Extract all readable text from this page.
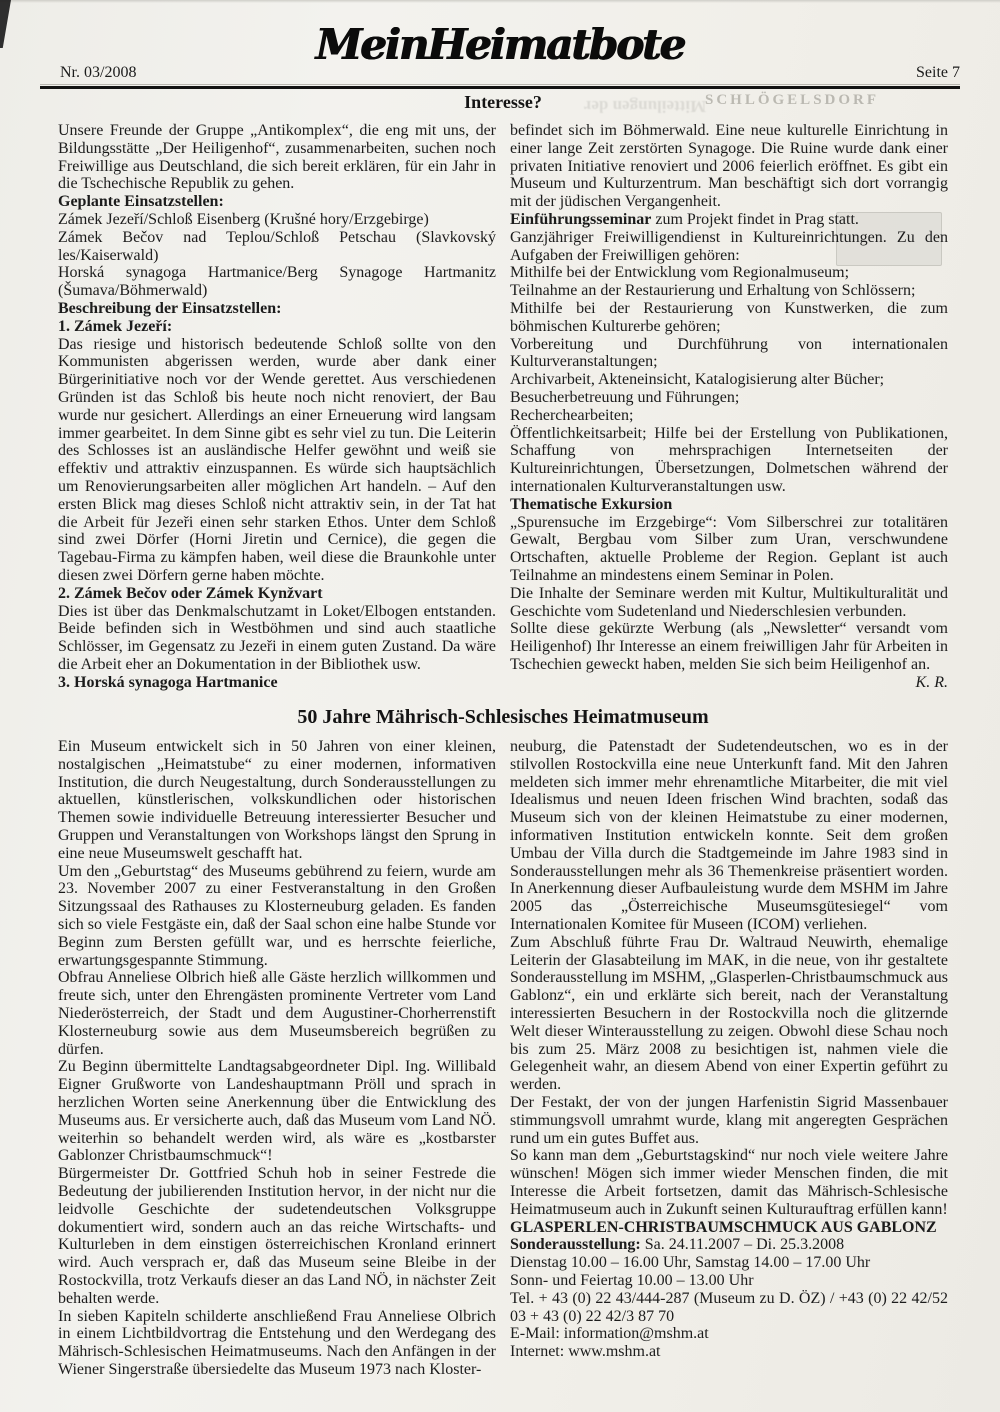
Nr. 03/2008
MeinHeimatbote
Seite 7
Mitteilungen der
SCHLÖGELSDORF
Interesse?

Unsere Freunde der Gruppe „Antikomplex“, die eng mit uns, der Bildungsstätte „Der Heiligenhof“, zusammenarbeiten, suchen noch Freiwillige aus Deutschland, die sich bereit erklären, für ein Jahr in die Tschechische Republik zu gehen.

Geplante Einsatzstellen:

Zámek Jezeří/Schloß Eisenberg (Krušné hory/Erzgebirge)

Zámek Bečov nad Teplou/Schloß Petschau (Slavkovský les/Kaiserwald)

Horská synagoga Hartmanice/Berg Synagoge Hartmanitz (Šumava/Böhmerwald)

Beschreibung der Einsatzstellen:

1. Zámek Jezeří:

Das riesige und historisch bedeutende Schloß sollte von den Kommunisten abgerissen werden, wurde aber dank einer Bürgerinitiative noch vor der Wende gerettet. Aus verschiedenen Gründen ist das Schloß bis heute noch nicht renoviert, der Bau wurde nur gesichert. Allerdings an einer Erneuerung wird langsam immer gearbeitet. In dem Sinne gibt es sehr viel zu tun. Die Leiterin des Schlosses ist an ausländische Helfer gewöhnt und weiß sie effektiv und attraktiv einzuspannen. Es würde sich hauptsächlich um Renovierungsarbeiten aller möglichen Art handeln. – Auf den ersten Blick mag dieses Schloß nicht attraktiv sein, in der Tat hat die Arbeit für Jezeři einen sehr starken Ethos. Unter dem Schloß sind zwei Dörfer (Horni Jiretin und Cernice), die gegen die Tagebau-Firma zu kämpfen haben, weil diese die Braunkohle unter diesen zwei Dörfern gerne haben möchte.

2. Zámek Bečov oder Zámek Kynžvart

Dies ist über das Denkmalschutzamt in Loket/Elbogen entstanden. Beide befinden sich in Westböhmen und sind auch staatliche Schlösser, im Gegensatz zu Jezeři in einem guten Zustand. Da wäre die Arbeit eher an Dokumentation in der Bibliothek usw.

3. Horská synagoga Hartmanice

befindet sich im Böhmerwald. Eine neue kulturelle Einrichtung in einer lange Zeit zerstörten Synagoge. Die Ruine wurde dank einer privaten Initiative renoviert und 2006 feierlich eröffnet. Es gibt ein Museum und Kulturzentrum. Man beschäftigt sich dort vorrangig mit der jüdischen Vergangenheit.

Einführungsseminar zum Projekt findet in Prag statt.

Ganzjähriger Freiwilligendienst in Kultureinrichtungen. Zu den Aufgaben der Freiwilligen gehören:

Mithilfe bei der Entwicklung vom Regionalmuseum;

Teilnahme an der Restaurierung und Erhaltung von Schlössern;

Mithilfe bei der Restaurierung von Kunstwerken, die zum böhmischen Kulturerbe gehören;

Vorbereitung und Durchführung von internationalen Kulturveranstaltungen;

Archivarbeit, Akteneinsicht, Katalogisierung alter Bücher;

Besucherbetreuung und Führungen;

Recherchearbeiten;

Öffentlichkeitsarbeit; Hilfe bei der Erstellung von Publikationen, Schaffung von mehrsprachigen Internetseiten der Kultureinrichtungen, Übersetzungen, Dolmetschen während der internationalen Kulturveranstaltungen usw.

Thematische Exkursion

„Spurensuche im Erzgebirge“: Vom Silberschrei zur totalitären Gewalt, Bergbau vom Silber zum Uran, verschwundene Ortschaften, aktuelle Probleme der Region. Geplant ist auch Teilnahme an mindestens einem Seminar in Polen.

Die Inhalte der Seminare werden mit Kultur, Multikulturalität und Geschichte vom Sudetenland und Niederschlesien verbunden.

Sollte diese gekürzte Werbung (als „Newsletter“ versandt vom Heiligenhof) Ihr Interesse an einem freiwilligen Jahr für Arbeiten in Tschechien geweckt haben, melden Sie sich beim Heiligenhof an.

K. R.

50 Jahre Mährisch-Schlesisches Heimatmuseum

Ein Museum entwickelt sich in 50 Jahren von einer kleinen, nostalgischen „Heimatstube“ zu einer modernen, informativen Institution, die durch Neugestaltung, durch Sonderausstellungen zu aktuellen, künstlerischen, volkskundlichen oder historischen Themen sowie individuelle Betreuung interessierter Besucher und Gruppen und Veranstaltungen von Workshops längst den Sprung in eine neue Museumswelt geschafft hat.

Um den „Geburtstag“ des Museums gebührend zu feiern, wurde am 23. November 2007 zu einer Festveranstaltung in den Großen Sitzungssaal des Rathauses zu Klosterneuburg geladen. Es fanden sich so viele Festgäste ein, daß der Saal schon eine halbe Stunde vor Beginn zum Bersten gefüllt war, und es herrschte feierliche, erwartungsgespannte Stimmung.

Obfrau Anneliese Olbrich hieß alle Gäste herzlich willkommen und freute sich, unter den Ehrengästen prominente Vertreter vom Land Niederösterreich, der Stadt und dem Augustiner-Chorherrenstift Klosterneuburg sowie aus dem Museumsbereich begrüßen zu dürfen.

Zu Beginn übermittelte Landtagsabgeordneter Dipl. Ing. Willibald Eigner Grußworte von Landeshauptmann Pröll und sprach in herzlichen Worten seine Anerkennung über die Entwicklung des Museums aus. Er versicherte auch, daß das Museum vom Land NÖ. weiterhin so behandelt werden wird, als wäre es „kostbarster Gablonzer Christbaumschmuck“!

Bürgermeister Dr. Gottfried Schuh hob in seiner Festrede die Bedeutung der jubilierenden Institution hervor, in der nicht nur die leidvolle Geschichte der sudetendeutschen Volksgruppe dokumentiert wird, sondern auch an das reiche Wirtschafts- und Kulturleben in dem einstigen österreichischen Kronland erinnert wird. Auch versprach er, daß das Museum seine Bleibe in der Rostockvilla, trotz Verkaufs dieser an das Land NÖ, in nächster Zeit behalten werde.

In sieben Kapiteln schilderte anschließend Frau Anneliese Olbrich in einem Lichtbildvortrag die Entstehung und den Werdegang des Mährisch-Schlesischen Heimatmuseums. Nach den Anfängen in der Wiener Singerstraße übersiedelte das Museum 1973 nach Kloster-

neuburg, die Patenstadt der Sudetendeutschen, wo es in der stilvollen Rostockvilla eine neue Unterkunft fand. Mit den Jahren meldeten sich immer mehr ehrenamtliche Mitarbeiter, die mit viel Idealismus und neuen Ideen frischen Wind brachten, sodaß das Museum sich von der kleinen Heimatstube zu einer modernen, informativen Institution entwickeln konnte. Seit dem großen Umbau der Villa durch die Stadtgemeinde im Jahre 1983 sind in Sonderausstellungen mehr als 36 Themenkreise präsentiert worden. In Anerkennung dieser Aufbauleistung wurde dem MSHM im Jahre 2005 das „Österreichische Museumsgütesiegel“ vom Internationalen Komitee für Museen (ICOM) verliehen.

Zum Abschluß führte Frau Dr. Waltraud Neuwirth, ehemalige Leiterin der Glasabteilung im MAK, in die neue, von ihr gestaltete Sonderausstellung im MSHM, „Glasperlen-Christbaumschmuck aus Gablonz“, ein und erklärte sich bereit, nach der Veranstaltung interessierten Besuchern in der Rostockvilla noch die glitzernde Welt dieser Winterausstellung zu zeigen. Obwohl diese Schau noch bis zum 25. März 2008 zu besichtigen ist, nahmen viele die Gelegenheit wahr, an diesem Abend von einer Expertin geführt zu werden.

Der Festakt, der von der jungen Harfenistin Sigrid Massenbauer stimmungsvoll umrahmt wurde, klang mit angeregten Gesprächen rund um ein gutes Buffet aus.

So kann man dem „Geburtstagskind“ nur noch viele weitere Jahre wünschen! Mögen sich immer wieder Menschen finden, die mit Interesse die Arbeit fortsetzen, damit das Mährisch-Schlesische Heimatmuseum auch in Zukunft seinen Kulturauftrag erfüllen kann!

GLASPERLEN-CHRISTBAUMSCHMUCK AUS GABLONZ

Sonderausstellung: Sa. 24.11.2007 – Di. 25.3.2008

Dienstag 10.00 – 16.00 Uhr, Samstag 14.00 – 17.00 Uhr

Sonn- und Feiertag 10.00 – 13.00 Uhr

Tel. + 43 (0) 22 43/444-287 (Museum zu D. ÖZ) / +43 (0) 22 42/52 03 + 43 (0) 22 42/3 87 70

E-Mail: information@mshm.at

Internet: www.mshm.at
